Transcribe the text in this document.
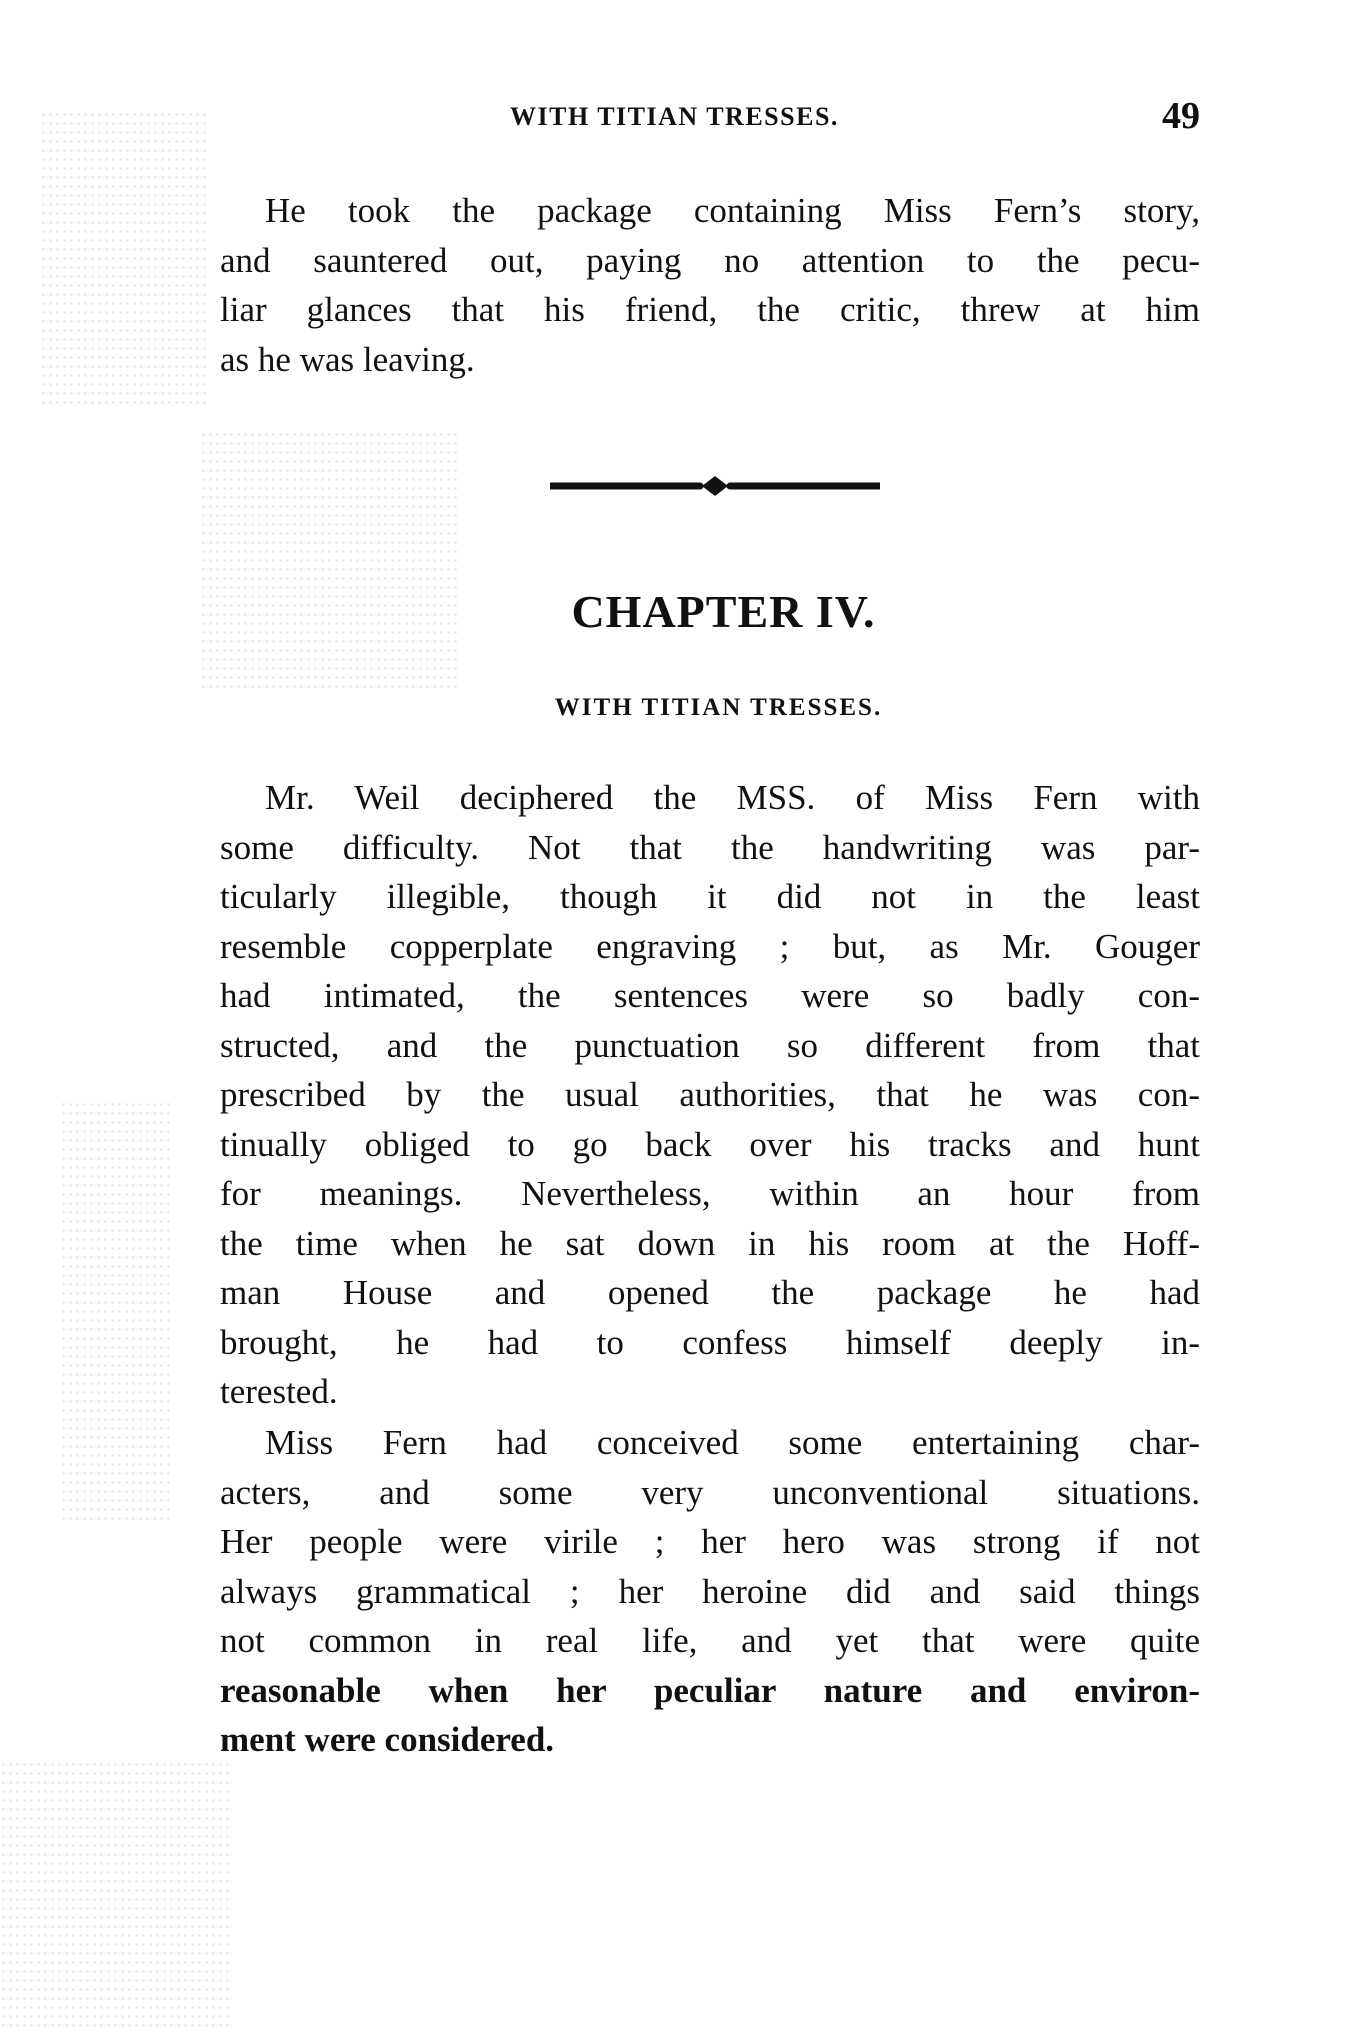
WITH TITIAN TRESSES.	49

He took the package containing Miss Fern’s story,
and sauntered out, paying no attention to the pecu-
liar glances that his friend, the critic, threw at him
as he was leaving.

CHAPTER IV.
WITH TITIAN TRESSES.

Mr. Weil deciphered the MSS. of Miss Fern with
some difficulty. Not that the handwriting was par-
ticularly illegible, though it did not in the least
resemble copperplate engraving ; but, as Mr. Gouger
had intimated, the sentences were so badly con-
structed, and the punctuation so different from that
prescribed by the usual authorities, that he was con-
tinually obliged to go back over his tracks and hunt
for meanings. Nevertheless, within an hour from
the time when he sat down in his room at the Hoff-
man House and opened the package he had
brought, he had to confess himself deeply in-
terested.

Miss Fern had conceived some entertaining char-
acters, and some very unconventional situations.
Her people were virile ; her hero was strong if not
always grammatical ; her heroine did and said things
not common in real life, and yet that were quite
reasonable when her peculiar nature and environ-
ment were considered.
